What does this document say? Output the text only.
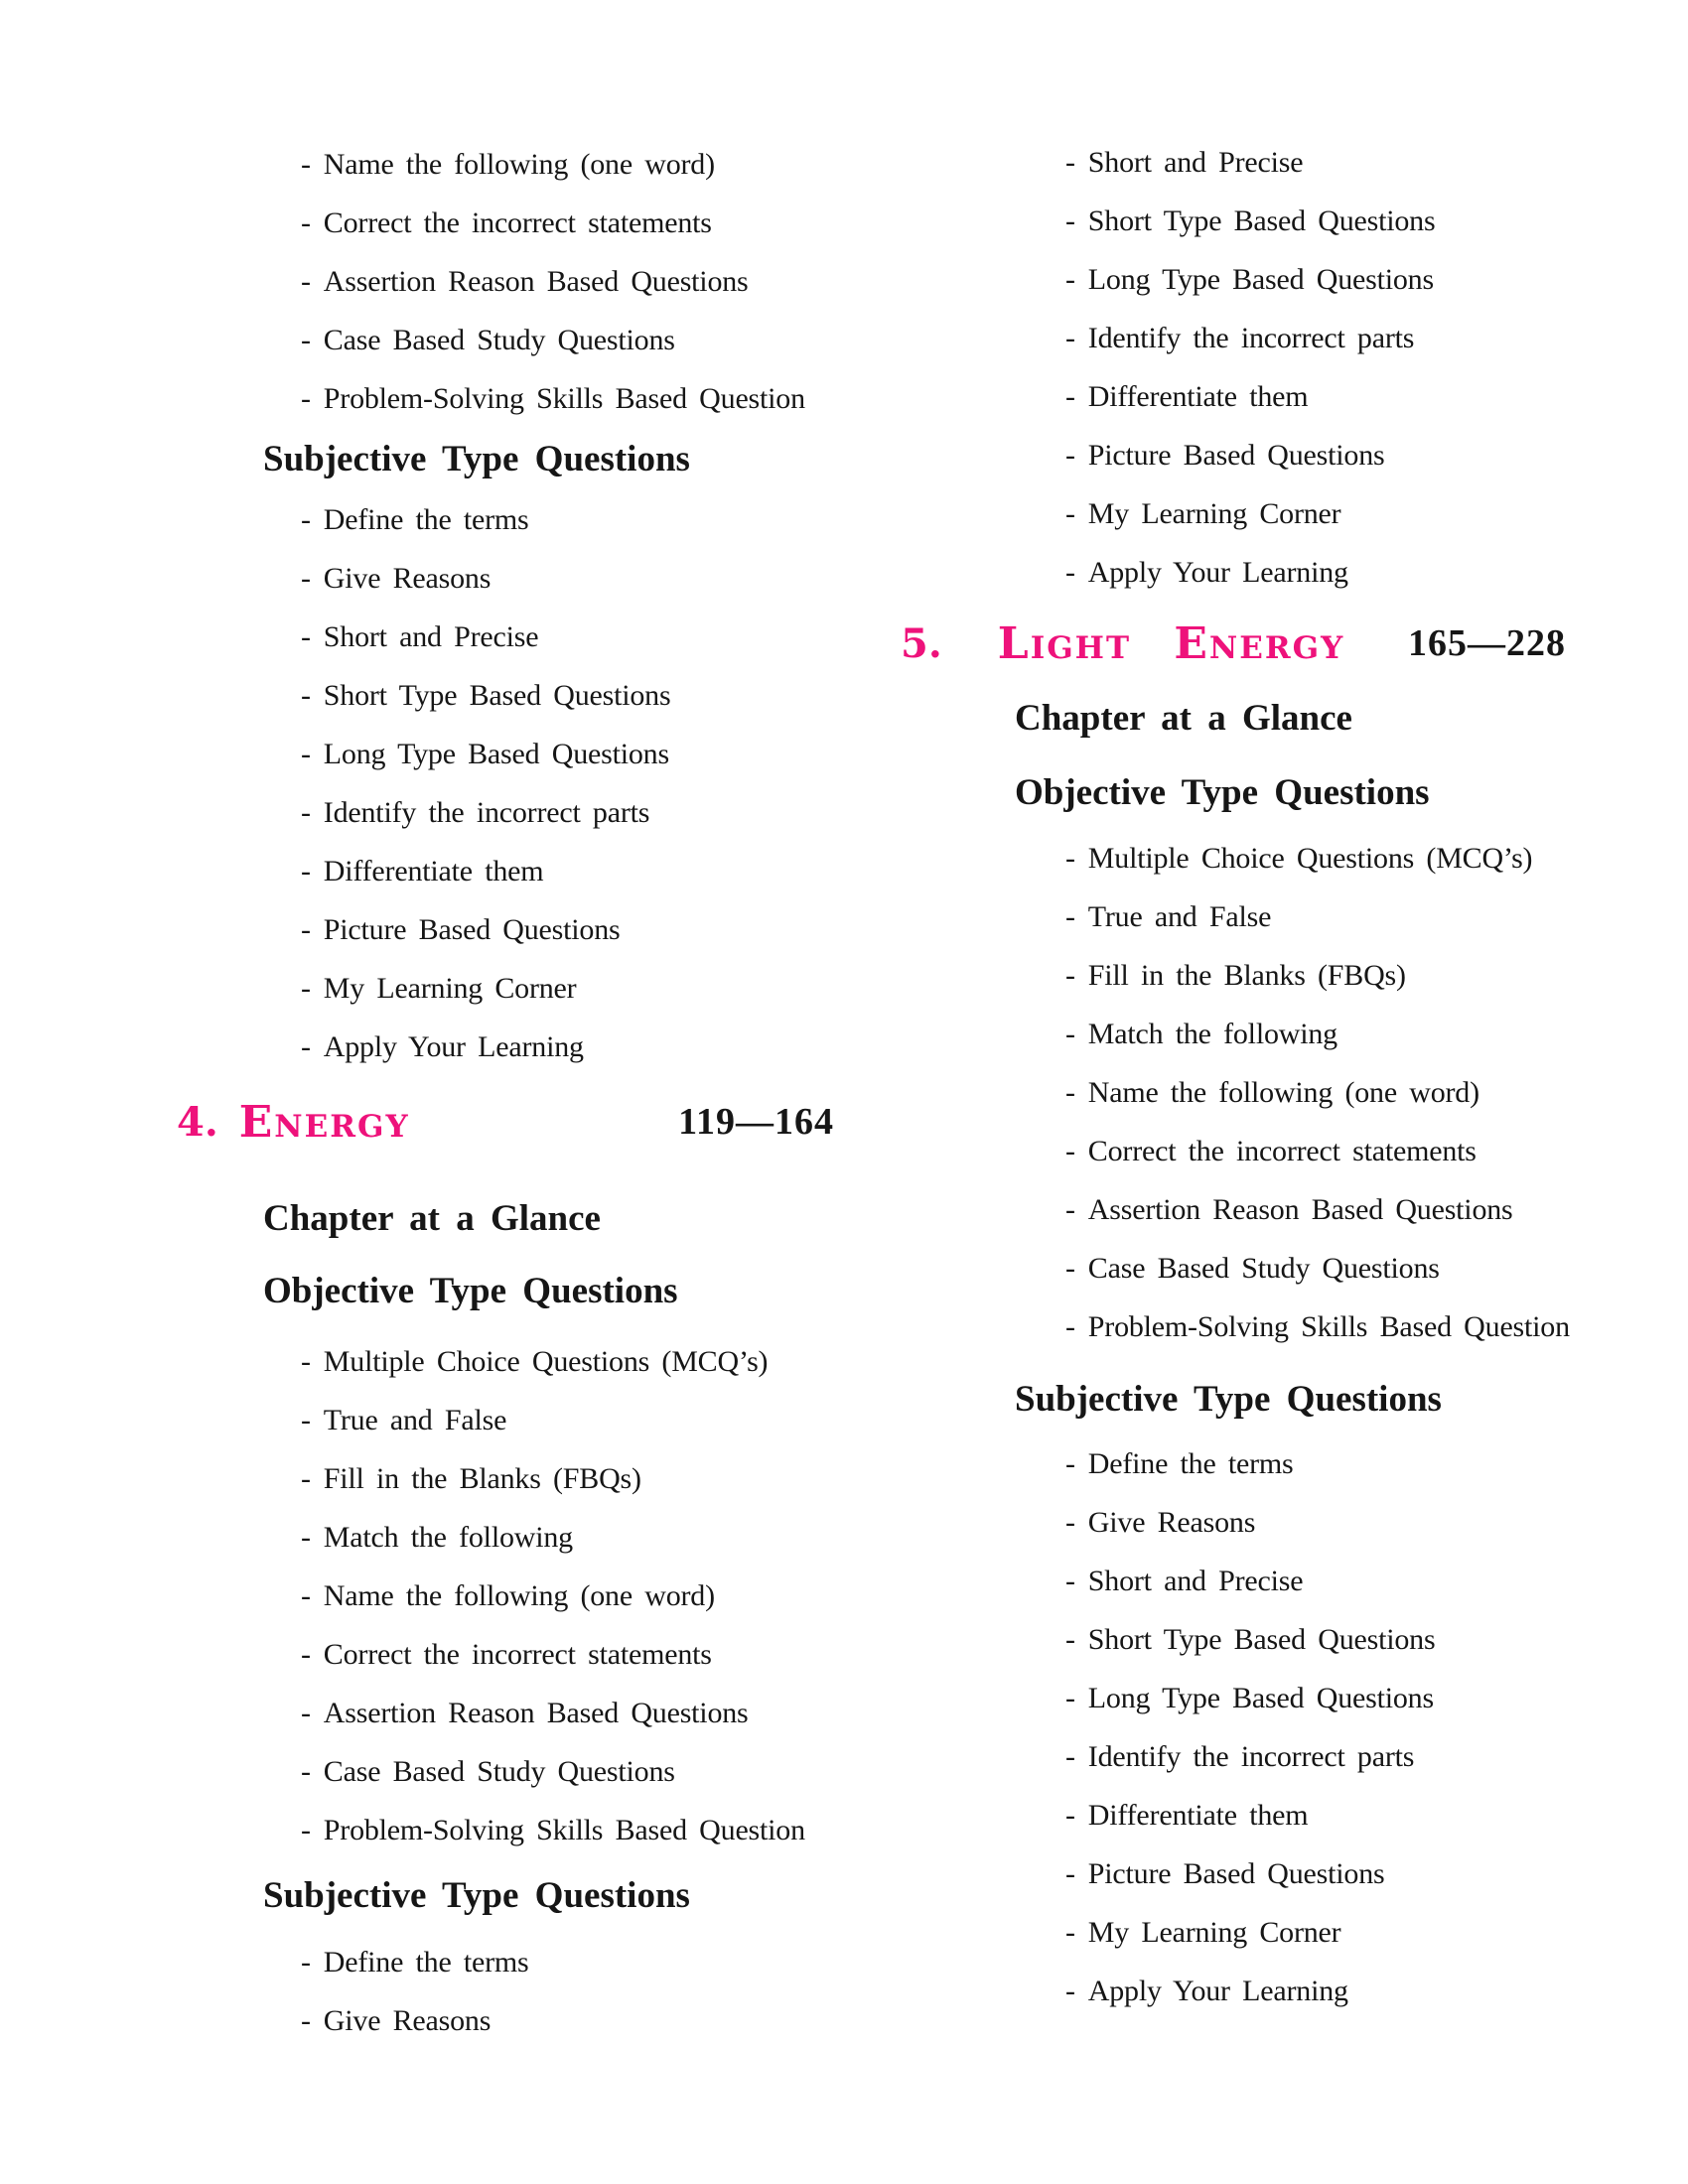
- Name the following (one word)
- Correct the incorrect statements
- Assertion Reason Based Questions
- Case Based Study Questions
- Problem-Solving Skills Based Question
Subjective Type Questions
- Define the terms
- Give Reasons
- Short and Precise
- Short Type Based Questions
- Long Type Based Questions
- Identify the incorrect parts
- Differentiate them
- Picture Based Questions
- My Learning Corner
- Apply Your Learning
4. Energy	119—164
Chapter at a Glance
Objective Type Questions
- Multiple Choice Questions (MCQ’s)
- True and False
- Fill in the Blanks (FBQs)
- Match the following
- Name the following (one word)
- Correct the incorrect statements
- Assertion Reason Based Questions
- Case Based Study Questions
- Problem-Solving Skills Based Question
Subjective Type Questions
- Define the terms
- Give Reasons
- Short and Precise
- Short Type Based Questions
- Long Type Based Questions
- Identify the incorrect parts
- Differentiate them
- Picture Based Questions
- My Learning Corner
- Apply Your Learning
5. Light Energy 165—228
Chapter at a Glance
Objective Type Questions
- Multiple Choice Questions (MCQ’s)
- True and False
- Fill in the Blanks (FBQs)
- Match the following
- Name the following (one word)
- Correct the incorrect statements
- Assertion Reason Based Questions
- Case Based Study Questions
- Problem-Solving Skills Based Question
Subjective Type Questions
- Define the terms
- Give Reasons
- Short and Precise
- Short Type Based Questions
- Long Type Based Questions
- Identify the incorrect parts
- Differentiate them
- Picture Based Questions
- My Learning Corner
- Apply Your Learning
